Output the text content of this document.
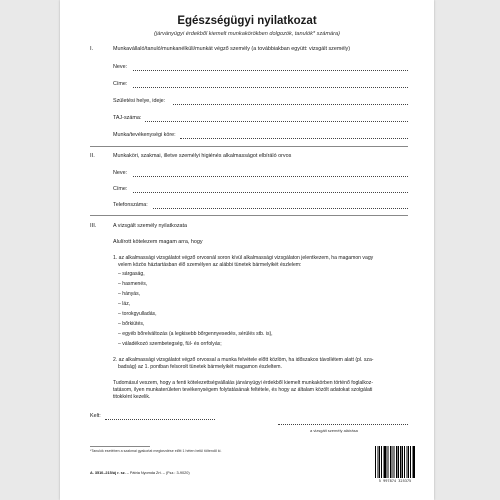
Egészségügyi nyilatkozat
(járványügyi érdekből kiemelt munkakörökben dolgozók, tanulók* számára)
I.	Munkavállaló/tanuló/munkanélküli/munkát végző személy (a továbbiakban együtt: vizsgált személy)
Neve:
Címe:
Születési helye, ideje:
TAJ-száma:
Munka/tevékenységi köre:
II.	Munkaköri, szakmai, illetve személyi higiénés alkalmasságot elbíráló orvos
Neve:
Címe:
Telefonszáma:
III.	A vizsgált személy nyilatkozata
Alulírott kötelezem magam arra, hogy
1. az alkalmassági vizsgálatot végző orvosnál soron kívül alkalmassági vizsgálaton jelentkezem, ha magamon vagy
velem közös háztartásban élő személyen az alábbi tünetek bármelyikét észlelem:
– sárgaság,
– hasmenés,
– hányás,
– láz,
– torokgyulladás,
– bőrkiütés,
– egyéb bőrelváltozás (a legkisebb bőrgennyesedés, sérülés stb. is),
– váladékozó szembetegség, fül- és orrfolyás;
2. az alkalmassági vizsgálatot végző orvossal a munka felvétele előtt közlöm, ha időszakos távollétem alatt (pl. sza-
badság) az 1. pontban felsorolt tünetek bármelyikét magamon észleltem.
Tudomásul veszem, hogy a fenti kötelezettségvállalás járványügyi érdekből kiemelt munkakörben történő foglalkoz-
tatásom, ilyen munkaterületen tevékenységem folytatásának feltétele, és hogy az általam közölt adatokat szolgálati
titokként kezelik.
Kelt:
a vizsgált személy aláírása
*Tanulók esetében a szakmai gyakorlat megkezdése előtt 1 héten belül töltendő ki.
A. 3510–215/új r. sz. – Pátria Nyomda Zrt. – (Fsz.: 3-9020)
5 997874 325375
